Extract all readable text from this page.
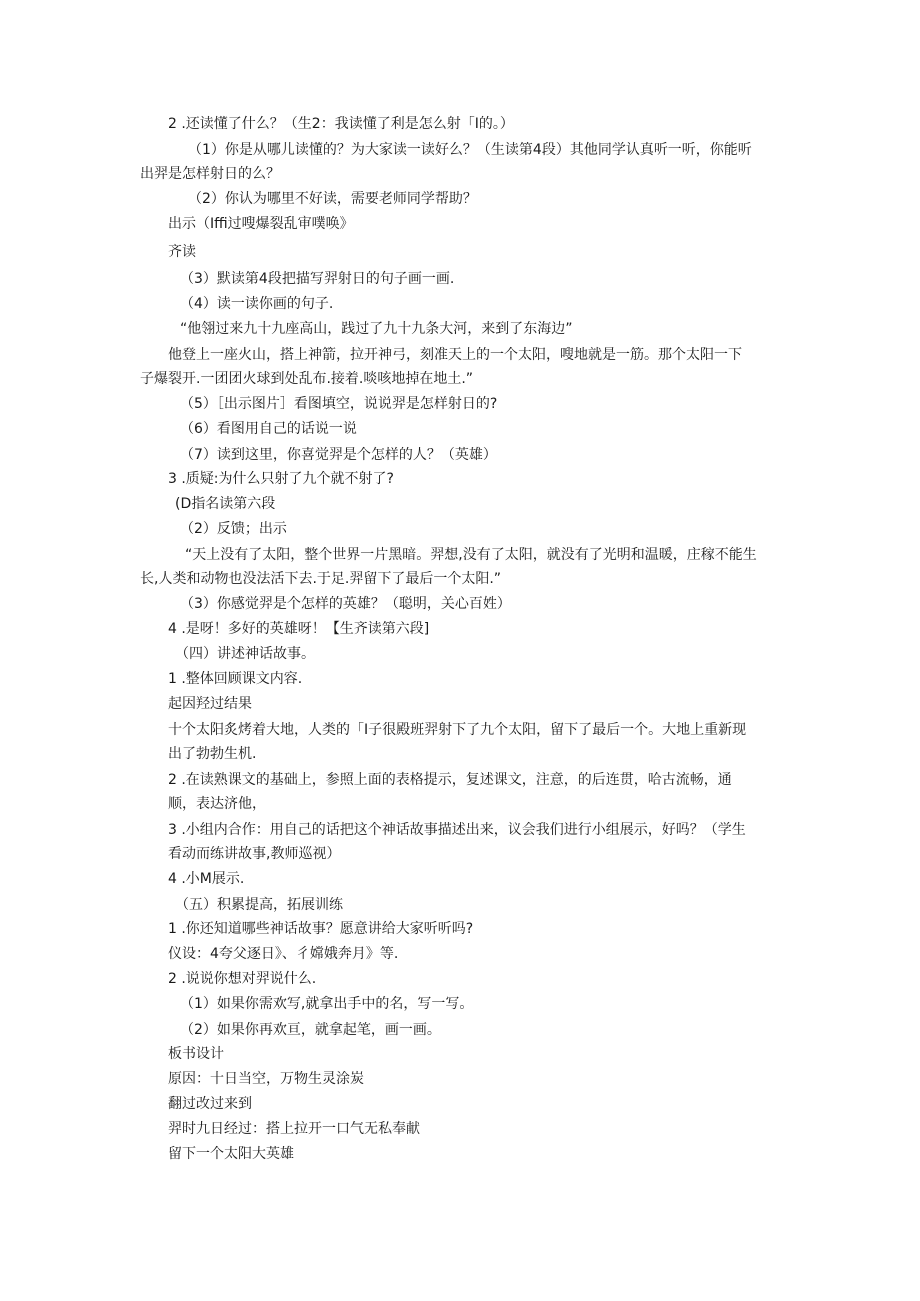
2 .还读懂了什么？（生2：我读懂了利是怎么射「I的。）
（1）你是从哪儿读懂的？为大家读一读好么？（生读第4段）其他同学认真听一听，你能听
出羿是怎样射日的么？
（2）你认为哪里不好读，需要老师同学帮助？
出示（Iffi过嗖爆裂乱审噗唤》
齐读
（3）默读第4段把描写羿射日的句子画一画.
（4）读一读你画的句子.
“他翎过来九十九座高山，践过了九十九条大河，来到了东海边”
他登上一座火山，搭上神箭，拉开神弓，刻准天上的一个太阳，嗖地就是一筋。那个太阳一下
子爆裂开.一团团火球到处乱布.接着.啖咳地掉在地土.”
（5）［出示图片］看图填空，说说羿是怎样射日的?
（6）看图用自己的话说一说
（7）读到这里，你喜觉羿是个怎样的人？（英雄）
3 .质疑:为什么只射了九个就不射了?
(D指名读第六段
（2）反馈；出示
“天上没有了太阳，整个世界一片黑暗。羿想,没有了太阳，就没有了光明和温暖，庄稼不能生
长,人类和动物也没法活下去.于足.羿留下了最后一个太阳.”
（3）你感觉羿是个怎样的英雄？（聪明，关心百姓）
4 .是呀！多好的英雄呀！【生齐读第六段]
（四）讲述神话故事。
1 .整体回顾课文内容.
起因羟过结果
十个太阳炙烤着大地，人类的「I子很殿班羿射下了九个太阳，留下了最后一个。大地上重新现
出了勃勃生机.
2 .在读熟课文的基础上，参照上面的表格提示，复述课文，注意，的后连贯，哈古流畅，通
顺，表达济他，
3 .小组内合作：用自己的话把这个神话故事描述出来，议会我们进行小组展示，好吗？（学生
看动而练讲故事,教师巡视）
4 .小M展示.
（五）积累提高，拓展训练
1 .你还知道哪些神话故事？愿意讲给大家听听吗?
仪设：4夸父逐日》、彳嫦娥奔月》等.
2 .说说你想对羿说什么.
（1）如果你需欢写,就拿出手中的名，写一写。
（2）如果你再欢亘，就拿起笔，画一画。
板书设计
原因：十日当空，万物生灵涂炭
翻过改过来到
羿时九日经过：搭上拉开一口气无私奉献
留下一个太阳大英雄
